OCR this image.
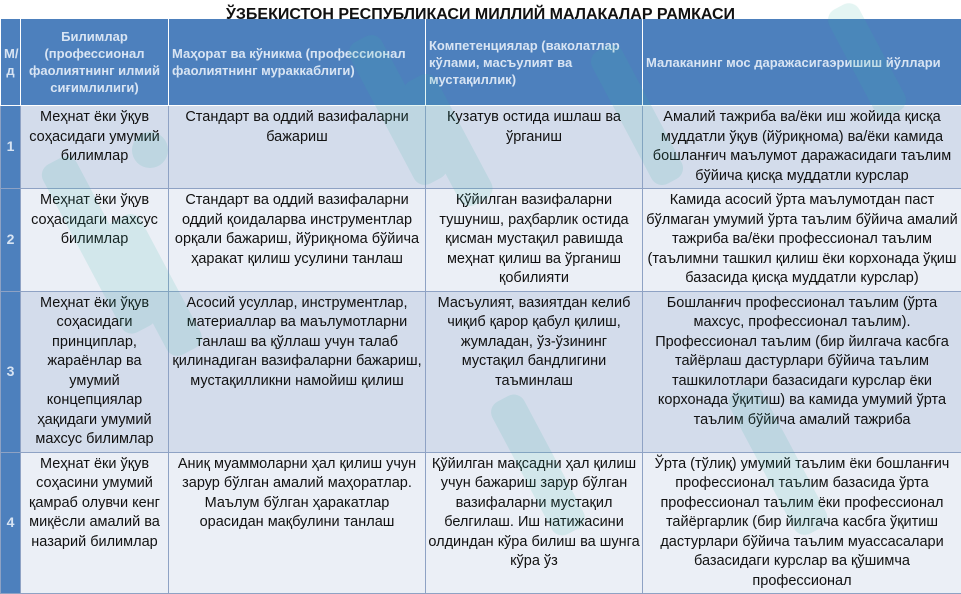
ЎЗБЕКИСТОН РЕСПУБЛИКАСИ МИЛЛИЙ МАЛАКАЛАР РАМКАСИ
М/д	Билимлар (профессионал фаолиятнинг илмий сиғимлилиги)	Маҳорат ва кўникма (профессионал фаолиятнинг мураккаблиги)	Компетенциялар (ваколатлар кўлами, масъулият ва мустақиллик)	Малаканинг мос даражасигаэришиш йўллари
1	Меҳнат ёки ўқув соҳасидаги умумий билимлар	Стандарт ва оддий вазифаларни бажариш	Кузатув остида ишлаш ва ўрганиш	Амалий тажриба ва/ёки иш жойида қисқа муддатли ўқув (йўриқнома) ва/ёки камида бошланғич маълумот даражасидаги таълим бўйича қисқа муддатли курслар

2	Меҳнат ёки ўқув соҳасидаги махсус билимлар	Стандарт ва оддий вазифаларни оддий қоидаларва инструментлар орқали бажариш, йўриқнома бўйича ҳаракат қилиш усулини танлаш	Қўйилган вазифаларни тушуниш, раҳбарлик остида қисман мустақил равишда меҳнат қилиш ва ўрганиш қобилияти	Камида асосий ўрта маълумотдан паст бўлмаган умумий ўрта таълим бўйича амалий тажриба ва/ёки профессионал таълим (таълимни ташкил қилиш ёки корхонада ўқиш базасида қисқа муддатли курслар)

3	Меҳнат ёки ўқув соҳасидаги принциплар, жараёнлар ва умумий концепциялар ҳақидаги умумий махсус билимлар	Асосий усуллар, инструментлар, материаллар ва маълумотларни танлаш ва қўллаш учун талаб қилинадиган вазифаларни бажариш, мустақилликни намойиш қилиш	Масъулият, вазиятдан келиб чиқиб қарор қабул қилиш, жумладан, ўз-ўзининг мустақил бандлигини таъминлаш	Бошланғич профессионал таълим (ўрта махсус, профессионал таълим).
Профессионал таълим (бир йилгача касбга тайёрлаш дастурлари бўйича таълим ташкилотлари базасидаги курслар ёки корхонада ўқитиш) ва камида умумий ўрта таълим бўйича амалий тажриба

4	Меҳнат ёки ўқув соҳасини умумий қамраб олувчи кенг миқёсли амалий ва назарий билимлар	Аниқ муаммоларни ҳал қилиш учун зарур бўлган амалий маҳоратлар. Маълум бўлган ҳаракатлар орасидан мақбулини танлаш	Қўйилган мақсадни ҳал қилиш учун бажариш зарур бўлган вазифаларни мустақил белгилаш. Иш натижасини олдиндан кўра билиш ва шунга кўра ўз	Ўрта (тўлиқ) умумий таълим ёки бошланғич профессионал таълим базасида ўрта профессионал таълим ёки профессионал тайёргарлик (бир йилгача касбга ўқитиш дастурлари бўйича таълим муассасалари базасидаги курслар ва қўшимча профессионал
